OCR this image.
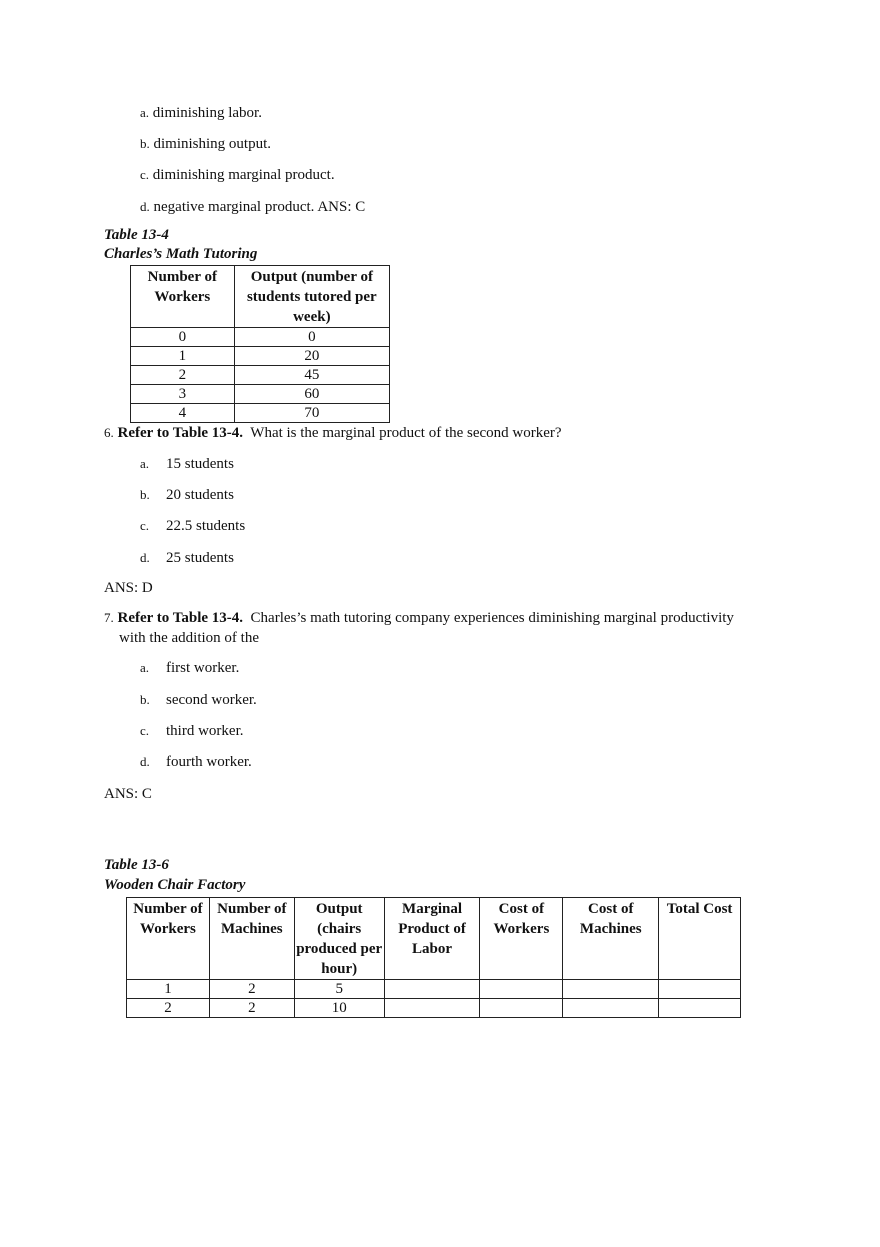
a. diminishing labor.
b. diminishing output.
c. diminishing marginal product.
d. negative marginal product. ANS: C
Table 13-4
Charles’s Math Tutoring
Number of Workers	Output (number of students tutored per week)
0	0
1	20
2	45
3	60
4	70
6. Refer to Table 13-4. What is the marginal product of the second worker?
a. 15 students
b. 20 students
c. 22.5 students
d. 25 students
ANS: D
7. Refer to Table 13-4. Charles’s math tutoring company experiences diminishing marginal productivity
with the addition of the
a. first worker.
b. second worker.
c. third worker.
d. fourth worker.
ANS: C
Table 13-6
Wooden Chair Factory
Number of Workers	Number of Machines	Output (chairs produced per hour)	Marginal Product of Labor	Cost of Workers	Cost of Machines	Total Cost
1	2	5				
2	2	10				
